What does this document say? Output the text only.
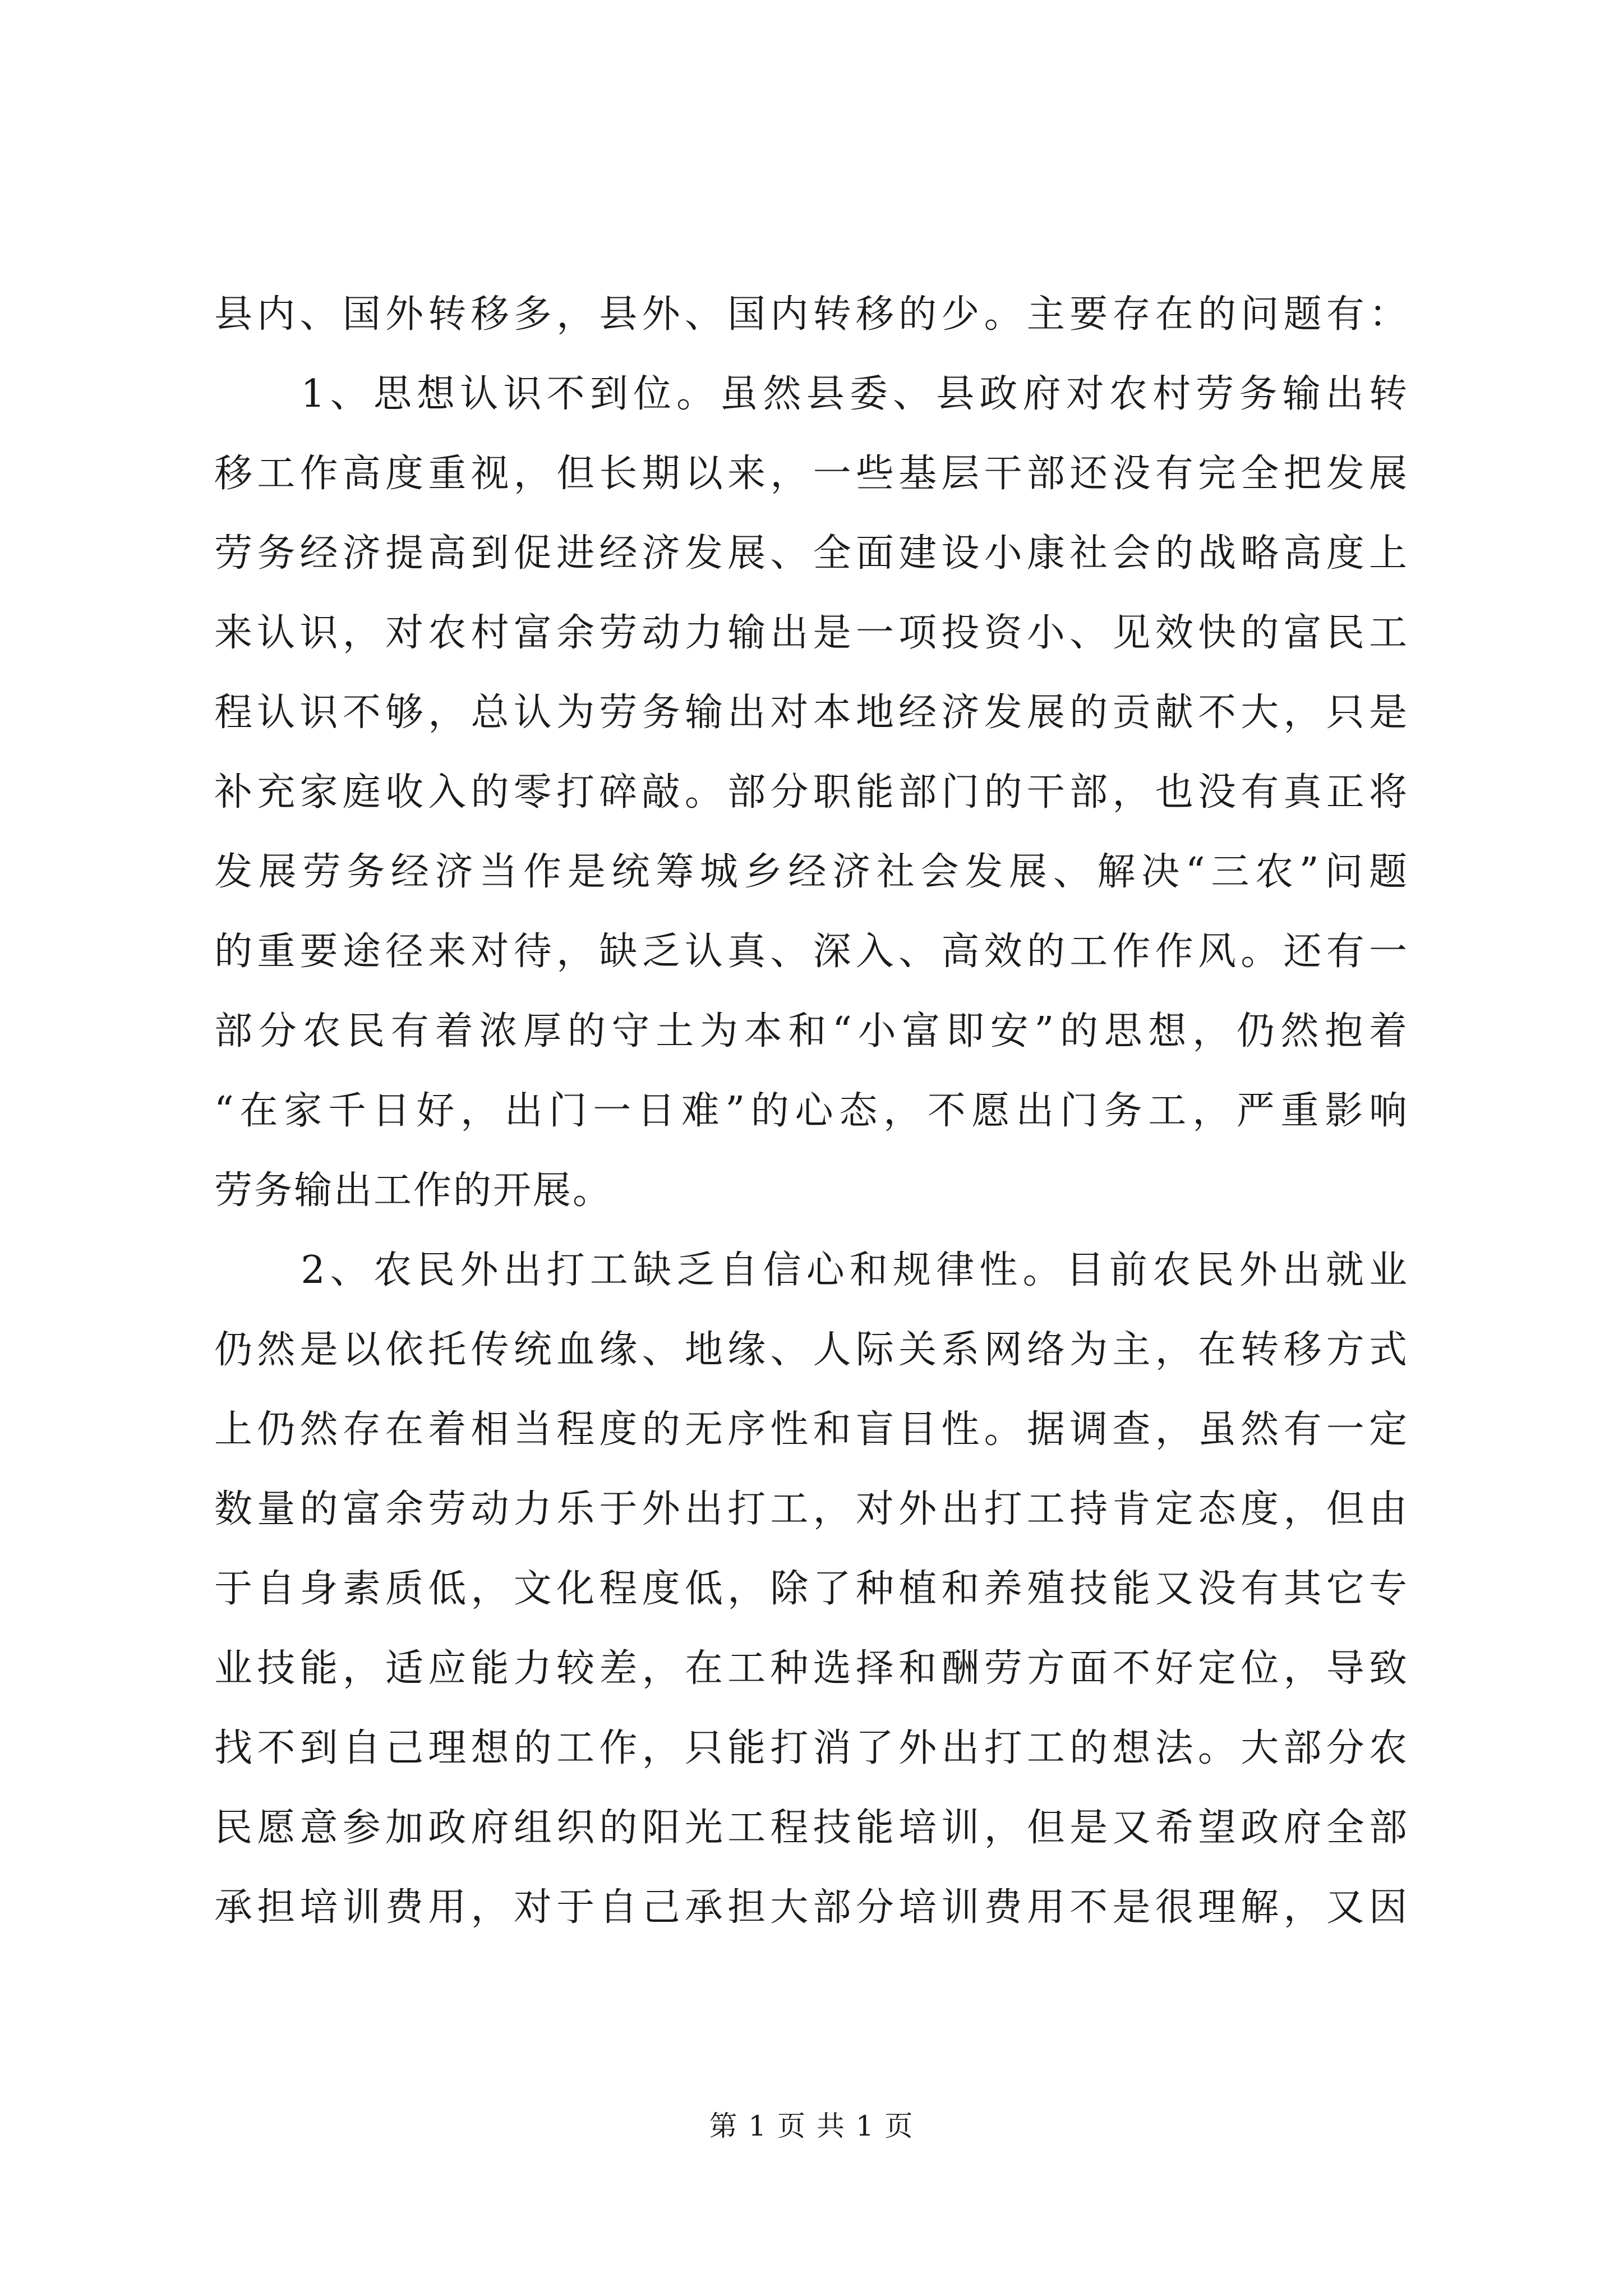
县内、国外转移多，县外、国内转移的少。主要存在的问题有：
　　1、思想认识不到位。虽然县委、县政府对农村劳务输出转
移工作高度重视，但长期以来，一些基层干部还没有完全把发展
劳务经济提高到促进经济发展、全面建设小康社会的战略高度上
来认识，对农村富余劳动力输出是一项投资小、见效快的富民工
程认识不够，总认为劳务输出对本地经济发展的贡献不大，只是
补充家庭收入的零打碎敲。部分职能部门的干部，也没有真正将
发展劳务经济当作是统筹城乡经济社会发展、解决“三农”问题
的重要途径来对待，缺乏认真、深入、高效的工作作风。还有一
部分农民有着浓厚的守土为本和“小富即安”的思想，仍然抱着
“在家千日好，出门一日难”的心态，不愿出门务工，严重影响
劳务输出工作的开展。
　　2、农民外出打工缺乏自信心和规律性。目前农民外出就业
仍然是以依托传统血缘、地缘、人际关系网络为主，在转移方式
上仍然存在着相当程度的无序性和盲目性。据调查，虽然有一定
数量的富余劳动力乐于外出打工，对外出打工持肯定态度，但由
于自身素质低，文化程度低，除了种植和养殖技能又没有其它专
业技能，适应能力较差，在工种选择和酬劳方面不好定位，导致
找不到自己理想的工作，只能打消了外出打工的想法。大部分农
民愿意参加政府组织的阳光工程技能培训，但是又希望政府全部
承担培训费用，对于自己承担大部分培训费用不是很理解，又因
第 1 页 共 1 页
